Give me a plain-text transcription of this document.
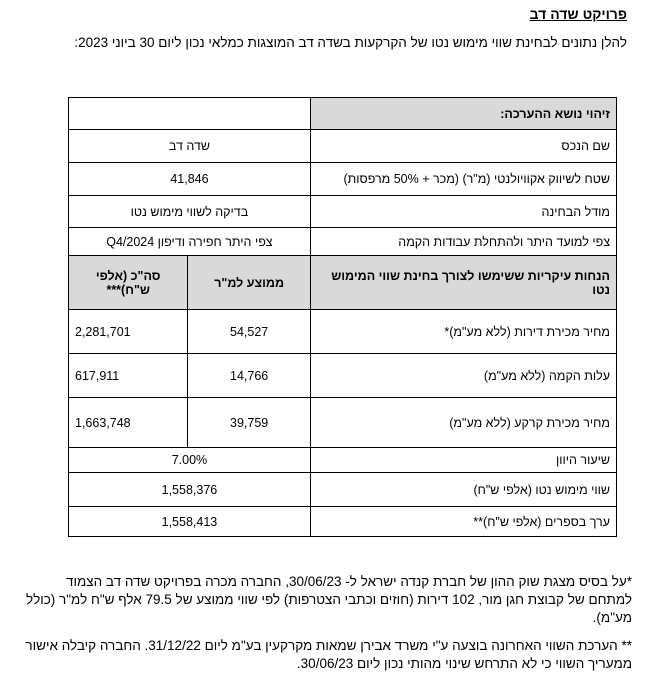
פרויקט שדה דב
להלן נתונים לבחינת שווי מימוש נטו של הקרקעות בשדה דב המוצגות כמלאי נכון ליום 30 ביוני 2023:
זיהוי נושא ההערכה:		
שם הנכס	שדה דב	
שטח לשיווק אקוויולנטי (מ"ר) (מכר + 50% מרפסות)	41,846	
מודל הבחינה	בדיקה לשווי מימוש נטו	
צפי למועד היתר ולהתחלת עבודות הקמה	צפי היתר חפירה ודיפון Q4/2024	
הנחות עיקריות ששימשו לצורך בחינת שווי המימוש נטו	ממוצע למ"ר	סה"כ (אלפי ש"ח)***
מחיר מכירת דירות (ללא מע"מ)*	54,527	2,281,701
עלות הקמה (ללא מע"מ)	14,766	617,911
מחיר מכירת קרקע (ללא מע"מ)	39,759	1,663,748
שיעור היוון	7.00%	
שווי מימוש נטו (אלפי ש"ח)	1,558,376	
ערך בספרים (אלפי ש"ח)**	1,558,413	
*על בסיס מצגת שוק ההון של חברת קנדה ישראל ל- 30/06/23, החברה מכרה בפרויקט שדה דב הצמוד למתחם של קבוצת חגן מור, 102 דירות (חוזים וכתבי הצטרפות) לפי שווי ממוצע של 79.5 אלף ש"ח למ"ר (כולל מע"מ).
** הערכת השווי האחרונה בוצעה ע"י משרד אבירן שמאות מקרקעין בע"מ ליום 31/12/22. החברה קיבלה אישור ממעריך השווי כי לא התרחש שינוי מהותי נכון ליום 30/06/23.
